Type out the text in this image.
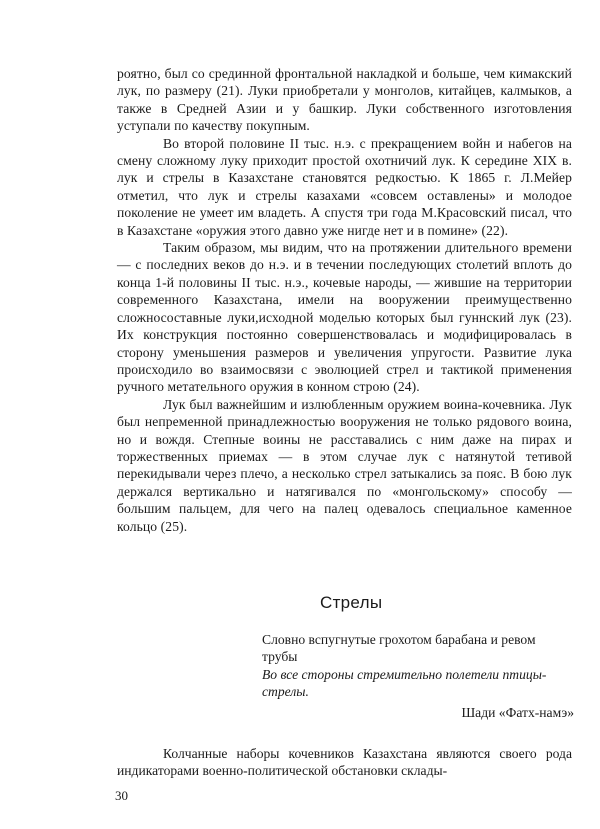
роятно, был со срединной фронтальной накладкой и больше, чем кимакский лук, по размеру (21). Луки приобретали у монголов, китайцев, калмыков, а также в Средней Азии и у башкир. Луки собственного изготовления уступали по качеству покупным.

Во второй половине II тыс. н.э. с прекращением войн и набегов на смену сложному луку приходит простой охотничий лук. К середине XIX в. лук и стрелы в Казахстане становятся редкостью. К 1865 г. Л.Мейер отметил, что лук и стрелы казахами «совсем оставлены» и молодое поколение не умеет им владеть. А спустя три года М.Красовский писал, что в Казахстане «оружия этого давно уже нигде нет и в помине» (22).

Таким образом, мы видим, что на протяжении длительного времени — с последних веков до н.э. и в течении последующих столетий вплоть до конца 1-й половины II тыс. н.э., кочевые народы, — жившие на территории современного Казахстана, имели на вооружении преимущественно сложносоставные луки,исходной моделью которых был гуннский лук (23). Их конструкция постоянно совершенствовалась и модифицировалась в сторону уменьшения размеров и увеличения упругости. Развитие лука происходило во взаимосвязи с эволюцией стрел и тактикой применения ручного метательного оружия в конном строю (24).

Лук был важнейшим и излюбленным оружием воина-кочевника. Лук был непременной принадлежностью вооружения не только рядового воина, но и вождя. Степные воины не расставались с ним даже на пирах и торжественных приемах — в этом случае лук с натянутой тетивой перекидывали через плечо, а несколько стрел затыкались за пояс. В бою лук держался вертикально и натягивался по «монгольскому» способу — большим пальцем, для чего на палец одевалось специальное каменное кольцо (25).

Стрелы
Словно вспугнутые грохотом барабана и ревом трубы
Во все стороны стремительно полетели птицы-стрелы.
Шади «Фатх-намэ»

Колчанные наборы кочевников Казахстана являются своего рода индикаторами военно-политической обстановки склады-

30
